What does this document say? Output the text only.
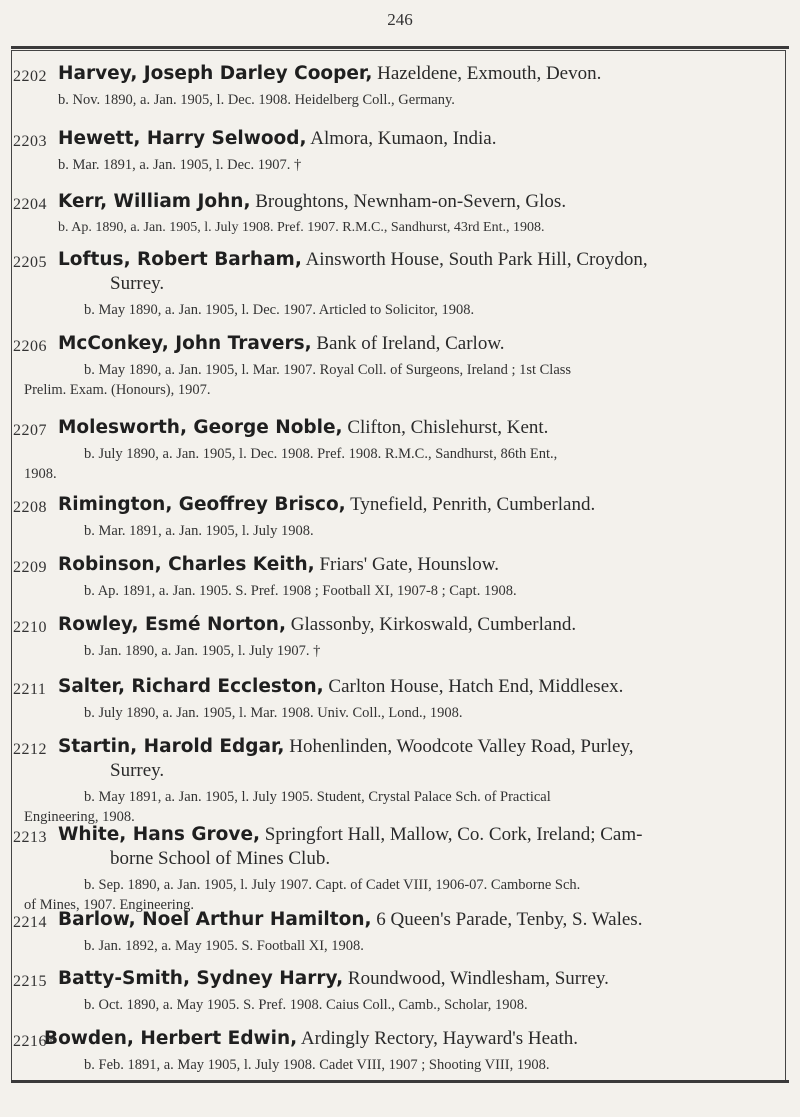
246
2202 Harvey, Joseph Darley Cooper, Hazeldene, Exmouth, Devon.

b. Nov. 1890, a. Jan. 1905, l. Dec. 1908. Heidelberg Coll., Germany.

2203 Hewett, Harry Selwood, Almora, Kumaon, India.

b. Mar. 1891, a. Jan. 1905, l. Dec. 1907. †

2204 Kerr, William John, Broughtons, Newnham-on-Severn, Glos.

b. Ap. 1890, a. Jan. 1905, l. July 1908. Pref. 1907. R.M.C., Sandhurst, 43rd Ent., 1908.

2205 Loftus, Robert Barham, Ainsworth House, South Park Hill, Croydon,
Surrey.

b. May 1890, a. Jan. 1905, l. Dec. 1907. Articled to Solicitor, 1908.

2206 McConkey, John Travers, Bank of Ireland, Carlow.

b. May 1890, a. Jan. 1905, l. Mar. 1907. Royal Coll. of Surgeons, Ireland ; 1st Class
Prelim. Exam. (Honours), 1907.

2207 Molesworth, George Noble, Clifton, Chislehurst, Kent.

b. July 1890, a. Jan. 1905, l. Dec. 1908. Pref. 1908. R.M.C., Sandhurst, 86th Ent.,
1908.

2208 Rimington, Geoffrey Brisco, Tynefield, Penrith, Cumberland.

b. Mar. 1891, a. Jan. 1905, l. July 1908.

2209 Robinson, Charles Keith, Friars' Gate, Hounslow.

b. Ap. 1891, a. Jan. 1905. S. Pref. 1908 ; Football XI, 1907-8 ; Capt. 1908.

2210 Rowley, Esmé Norton, Glassonby, Kirkoswald, Cumberland.

b. Jan. 1890, a. Jan. 1905, l. July 1907. †

2211 Salter, Richard Eccleston, Carlton House, Hatch End, Middlesex.

b. July 1890, a. Jan. 1905, l. Mar. 1908. Univ. Coll., Lond., 1908.

2212 Startin, Harold Edgar, Hohenlinden, Woodcote Valley Road, Purley,
Surrey.

b. May 1891, a. Jan. 1905, l. July 1905. Student, Crystal Palace Sch. of Practical
Engineering, 1908.

2213 White, Hans Grove, Springfort Hall, Mallow, Co. Cork, Ireland; Cam-
borne School of Mines Club.

b. Sep. 1890, a. Jan. 1905, l. July 1907. Capt. of Cadet VIII, 1906-07. Camborne Sch.
of Mines, 1907. Engineering.

2214 Barlow, Noel Arthur Hamilton, 6 Queen's Parade, Tenby, S. Wales.

b. Jan. 1892, a. May 1905. S. Football XI, 1908.

2215 Batty-Smith, Sydney Harry, Roundwood, Windlesham, Surrey.

b. Oct. 1890, a. May 1905. S. Pref. 1908. Caius Coll., Camb., Scholar, 1908.

2216*

Bowden, Herbert Edwin, Ardingly Rectory, Hayward's Heath.

b. Feb. 1891, a. May 1905, l. July 1908. Cadet VIII, 1907 ; Shooting VIII, 1908.
